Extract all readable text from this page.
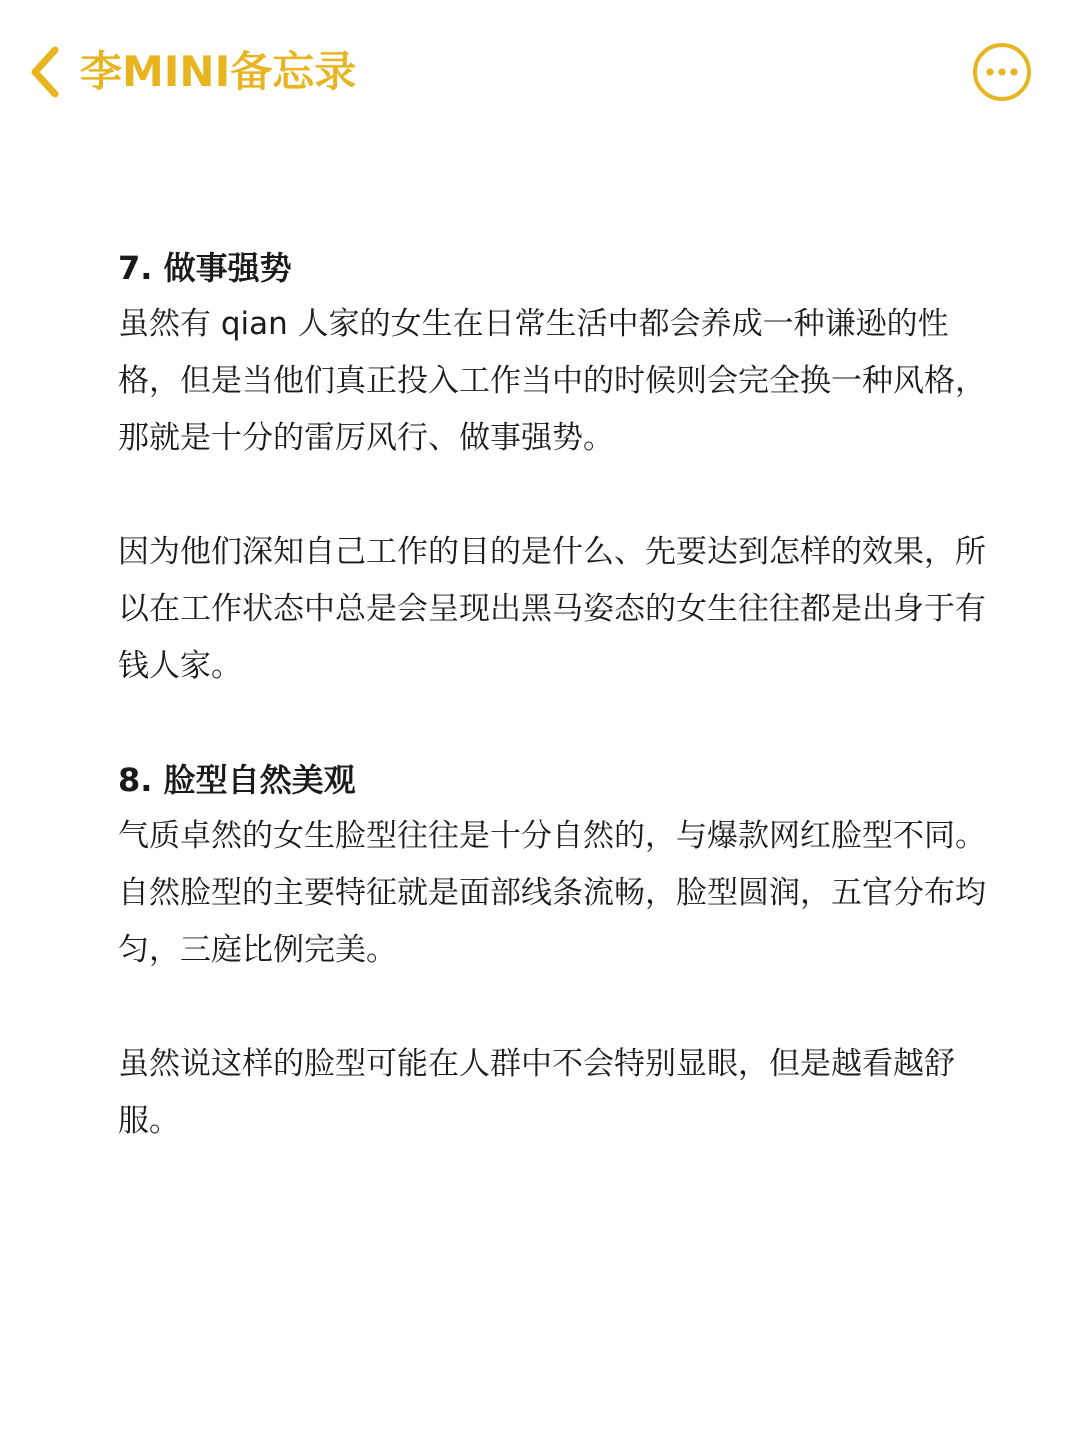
李MINI备忘录

7. 做事强势

虽然有 qian 人家的女生在日常生活中都会养成一种谦逊的性格，但是当他们真正投入工作当中的时候则会完全换一种风格，那就是十分的雷厉风行、做事强势。

因为他们深知自己工作的目的是什么、先要达到怎样的效果，所以在工作状态中总是会呈现出黑马姿态的女生往往都是出身于有钱人家。

8. 脸型自然美观

气质卓然的女生脸型往往是十分自然的，与爆款网红脸型不同。自然脸型的主要特征就是面部线条流畅，脸型圆润，五官分布均匀，三庭比例完美。

虽然说这样的脸型可能在人群中不会特别显眼，但是越看越舒服。
